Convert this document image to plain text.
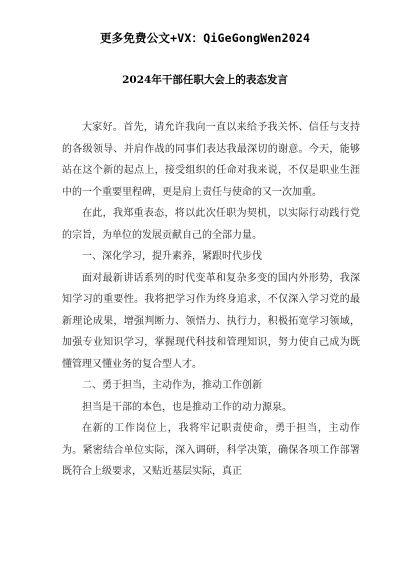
更多免费公文+VX：QiGeGongWen2024
2024年干部任职大会上的表态发言

大家好。首先，请允许我向一直以来给予我关怀、信任与支持的各级领导、并肩作战的同事们表达我最深切的谢意。今天，能够站在这个新的起点上，接受组织的任命对我来说，不仅是职业生涯中的一个重要里程碑，更是肩上责任与使命的又一次加重。

在此，我郑重表态，将以此次任职为契机，以实际行动践行党的宗旨，为单位的发展贡献自己的全部力量。

一、深化学习，提升素养，紧跟时代步伐

面对最新讲话系列的时代变革和复杂多变的国内外形势，我深知学习的重要性。我将把学习作为终身追求，不仅深入学习党的最新理论成果，增强判断力、领悟力、执行力，积极拓宽学习领域，加强专业知识学习，掌握现代科技和管理知识，努力使自己成为既懂管理又懂业务的复合型人才。

二、勇于担当，主动作为，推动工作创新

担当是干部的本色，也是推动工作的动力源泉。

在新的工作岗位上，我将牢记职责使命，勇于担当，主动作为。紧密结合单位实际，深入调研，科学决策，确保各项工作部署既符合上级要求，又贴近基层实际，真正
